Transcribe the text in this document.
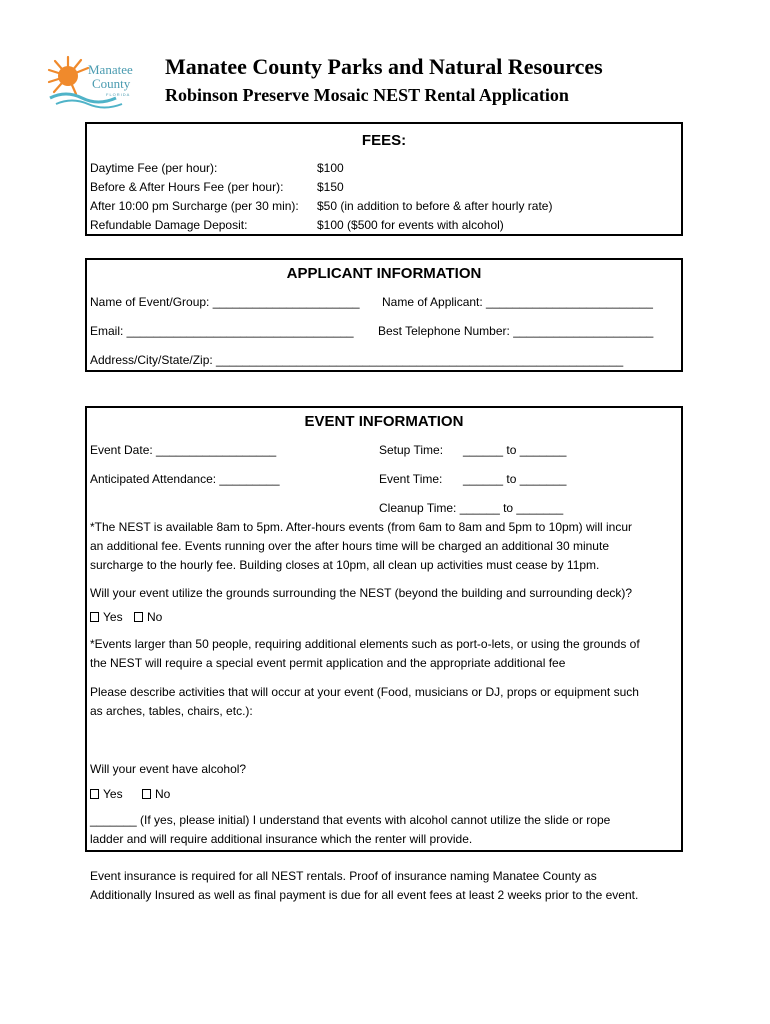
Manatee
County
FLORIDA
Manatee County Parks and Natural Resources
Robinson Preserve Mosaic NEST Rental Application
FEES:
Daytime Fee (per hour):	$100
Before & After Hours Fee (per hour):	$150
After 10:00 pm Surcharge (per 30 min): $50 (in addition to before & after hourly rate)
Refundable Damage Deposit:	$100 ($500 for events with alcohol)
APPLICANT INFORMATION
Name of Event/Group: ______________________ Name of Applicant: _________________________
Email: __________________________________ Best Telephone Number: _____________________
Address/City/State/Zip: _____________________________________________________________
EVENT INFORMATION
Event Date: __________________	Setup Time: ______ to _______
Anticipated Attendance: _________	Event Time: ______ to _______
Cleanup Time: ______ to _______
*The NEST is available 8am to 5pm. After-hours events (from 6am to 8am and 5pm to 10pm) will incur
an additional fee. Events running over the after hours time will be charged an additional 30 minute
surcharge to the hourly fee. Building closes at 10pm, all clean up activities must cease by 11pm.
Will your event utilize the grounds surrounding the NEST (beyond the building and surrounding deck)?
Yes	No
*Events larger than 50 people, requiring additional elements such as port-o-lets, or using the grounds of
the NEST will require a special event permit application and the appropriate additional fee
Please describe activities that will occur at your event (Food, musicians or DJ, props or equipment such
as arches, tables, chairs, etc.):
Will your event have alcohol?
Yes	No
_______ (If yes, please initial) I understand that events with alcohol cannot utilize the slide or rope
ladder and will require additional insurance which the renter will provide.
Event insurance is required for all NEST rentals. Proof of insurance naming Manatee County as
Additionally Insured as well as final payment is due for all event fees at least 2 weeks prior to the event.
